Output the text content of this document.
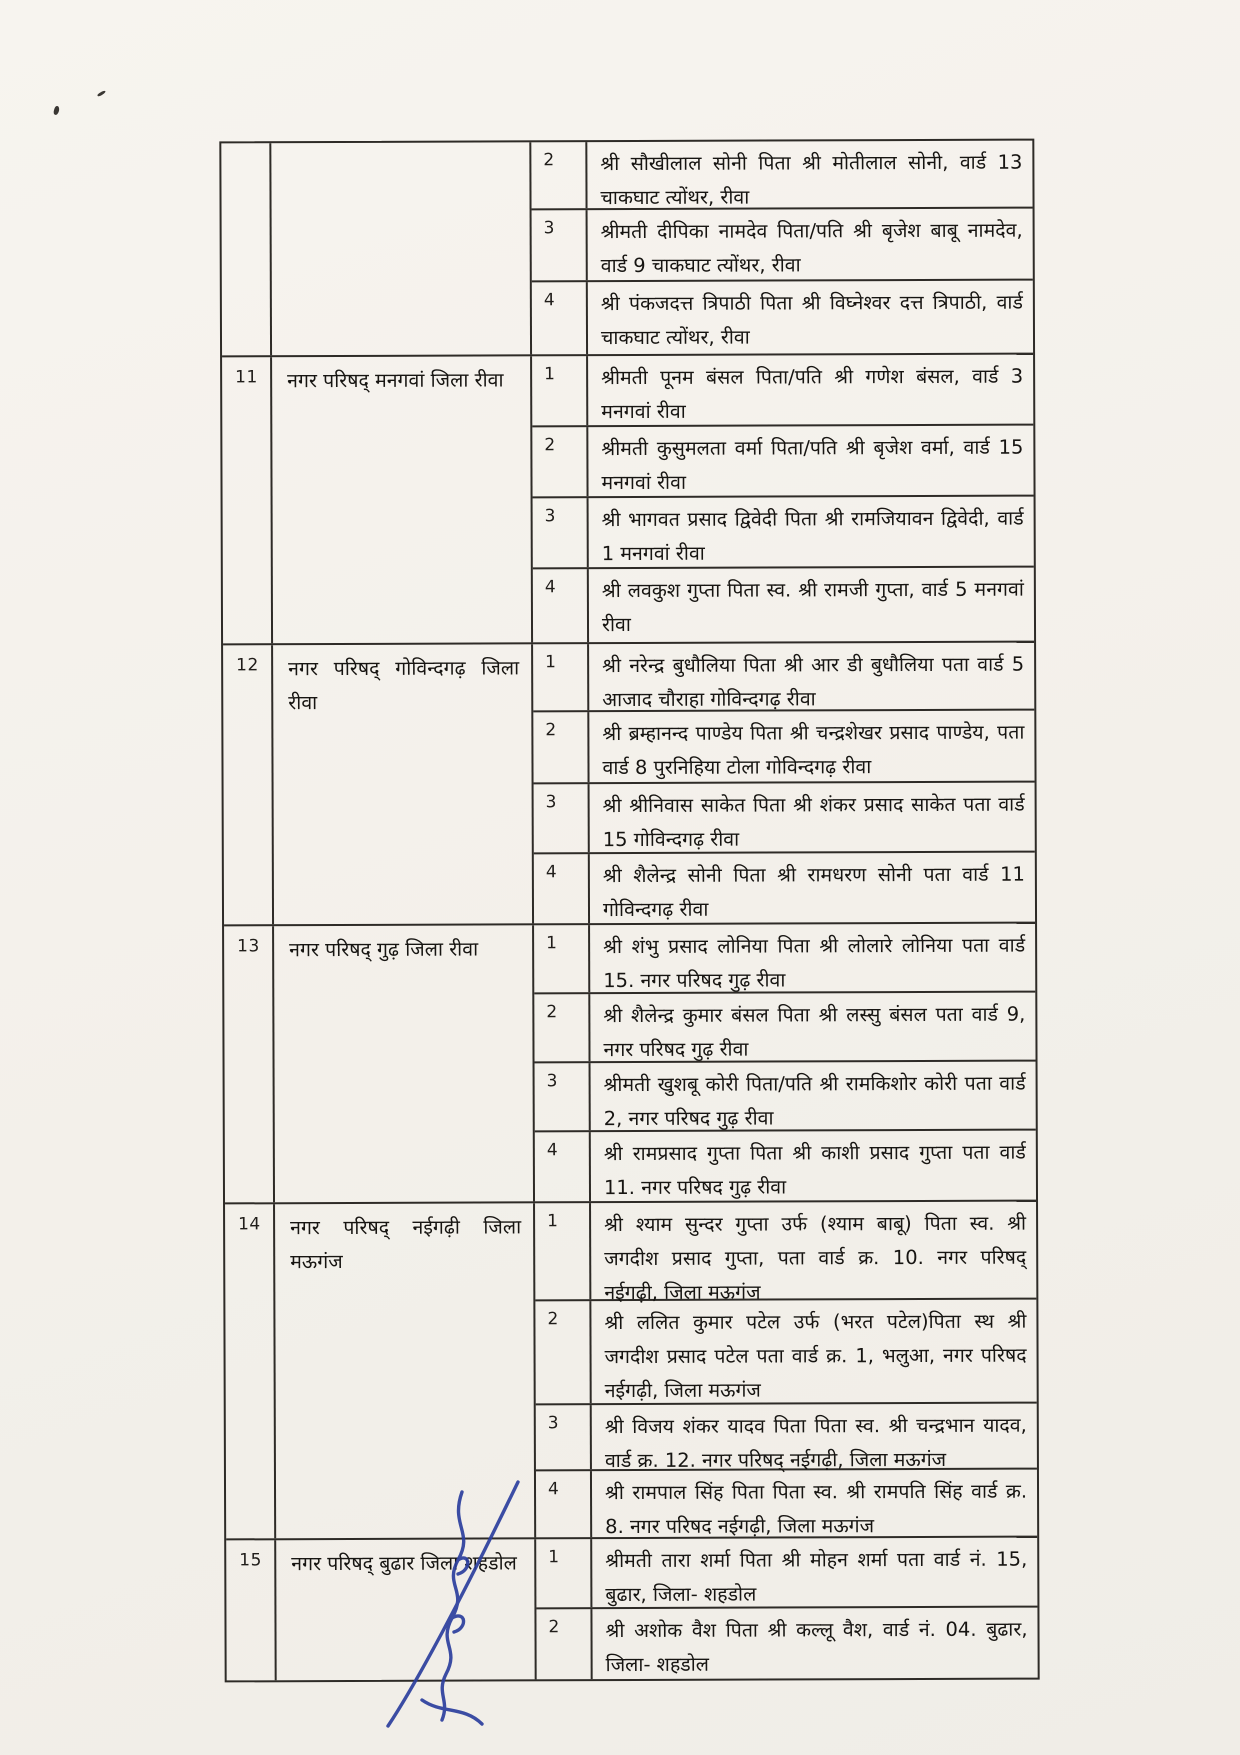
2	श्री सौखीलाल सोनी पिता श्री मोतीलाल सोनी, वार्ड 13 चाकघाट त्योंथर, रीवा
3	श्रीमती दीपिका नामदेव पिता/पति श्री बृजेश बाबू नामदेव, वार्ड 9 चाकघाट त्योंथर, रीवा
4	श्री पंकजदत्त त्रिपाठी पिता श्री विघ्नेश्वर दत्त त्रिपाठी, वार्ड चाकघाट त्योंथर, रीवा
11	नगर परिषद् मनगवां जिला रीवा	1	श्रीमती पूनम बंसल पिता/पति श्री गणेश बंसल, वार्ड 3 मनगवां रीवा
2	श्रीमती कुसुमलता वर्मा पिता/पति श्री बृजेश वर्मा, वार्ड 15 मनगवां रीवा
3	श्री भागवत प्रसाद द्विवेदी पिता श्री रामजियावन द्विवेदी, वार्ड 1 मनगवां रीवा
4	श्री लवकुश गुप्ता पिता स्व. श्री रामजी गुप्ता, वार्ड 5 मनगवां रीवा
12	नगर परिषद् गोविन्दगढ़ जिला रीवा
1	श्री नरेन्द्र बुधौलिया पिता श्री आर डी बुधौलिया पता वार्ड 5 आजाद चौराहा गोविन्दगढ़ रीवा
2	श्री ब्रम्हानन्द पाण्डेय पिता श्री चन्द्रशेखर प्रसाद पाण्डेय, पता वार्ड 8 पुरनिहिया टोला गोविन्दगढ़ रीवा
3	श्री श्रीनिवास साकेत पिता श्री शंकर प्रसाद साकेत पता वार्ड 15 गोविन्दगढ़ रीवा
4	श्री शैलेन्द्र सोनी पिता श्री रामधरण सोनी पता वार्ड 11 गोविन्दगढ़ रीवा
13	नगर परिषद् गुढ़ जिला रीवा	1	श्री शंभु प्रसाद लोनिया पिता श्री लोलारे लोनिया पता वार्ड 15. नगर परिषद गुढ़ रीवा
2	श्री शैलेन्द्र कुमार बंसल पिता श्री लस्सु बंसल पता वार्ड 9, नगर परिषद गुढ़ रीवा
3	श्रीमती खुशबू कोरी पिता/पति श्री रामकिशोर कोरी पता वार्ड 2, नगर परिषद गुढ़ रीवा
4	श्री रामप्रसाद गुप्ता पिता श्री काशी प्रसाद गुप्ता पता वार्ड 11. नगर परिषद गुढ़ रीवा
14	नगर परिषद् नईगढ़ी जिला मऊगंज
1	श्री श्याम सुन्दर गुप्ता उर्फ (श्याम बाबू) पिता स्व. श्री जगदीश प्रसाद गुप्ता, पता वार्ड क्र. 10. नगर परिषद् नईगढ़ी, जिला मऊगंज
2	श्री ललित कुमार पटेल उर्फ (भरत पटेल)पिता स्थ श्री जगदीश प्रसाद पटेल पता वार्ड क्र. 1, भलुआ, नगर परिषद नईगढ़ी, जिला मऊगंज
3	श्री विजय शंकर यादव पिता पिता स्व. श्री चन्द्रभान यादव, वार्ड क्र. 12. नगर परिषद् नईगढ़ी, जिला मऊगंज
4	श्री रामपाल सिंह पिता पिता स्व. श्री रामपति सिंह वार्ड क्र. 8. नगर परिषद नईगढ़ी, जिला मऊगंज
15	नगर परिषद् बुढार जिला शहडोल	1	श्रीमती तारा शर्मा पिता श्री मोहन शर्मा पता वार्ड नं. 15, बुढार, जिला- शहडोल
2	श्री अशोक वैश पिता श्री कल्लू वैश, वार्ड नं. 04. बुढार, जिला- शहडोल
